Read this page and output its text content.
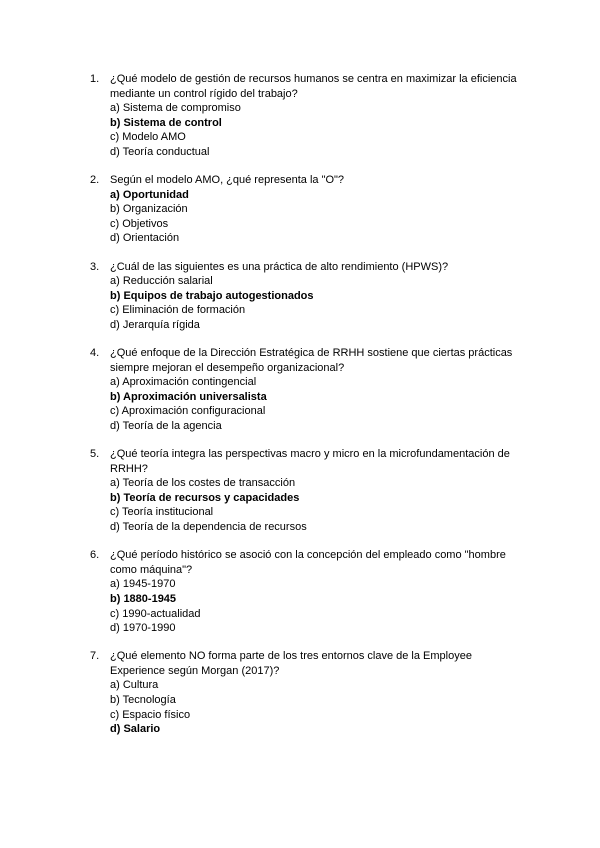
1. ¿Qué modelo de gestión de recursos humanos se centra en maximizar la eficiencia mediante un control rígido del trabajo?
a) Sistema de compromiso
b) Sistema de control
c) Modelo AMO
d) Teoría conductual
2. Según el modelo AMO, ¿qué representa la "O"?
a) Oportunidad
b) Organización
c) Objetivos
d) Orientación
3. ¿Cuál de las siguientes es una práctica de alto rendimiento (HPWS)?
a) Reducción salarial
b) Equipos de trabajo autogestionados
c) Eliminación de formación
d) Jerarquía rígida
4. ¿Qué enfoque de la Dirección Estratégica de RRHH sostiene que ciertas prácticas siempre mejoran el desempeño organizacional?
a) Aproximación contingencial
b) Aproximación universalista
c) Aproximación configuracional
d) Teoría de la agencia
5. ¿Qué teoría integra las perspectivas macro y micro en la microfundamentación de RRHH?
a) Teoría de los costes de transacción
b) Teoría de recursos y capacidades
c) Teoría institucional
d) Teoría de la dependencia de recursos
6. ¿Qué período histórico se asoció con la concepción del empleado como "hombre como máquina"?
a) 1945-1970
b) 1880-1945
c) 1990-actualidad
d) 1970-1990
7. ¿Qué elemento NO forma parte de los tres entornos clave de la Employee Experience según Morgan (2017)?
a) Cultura
b) Tecnología
c) Espacio físico
d) Salario
